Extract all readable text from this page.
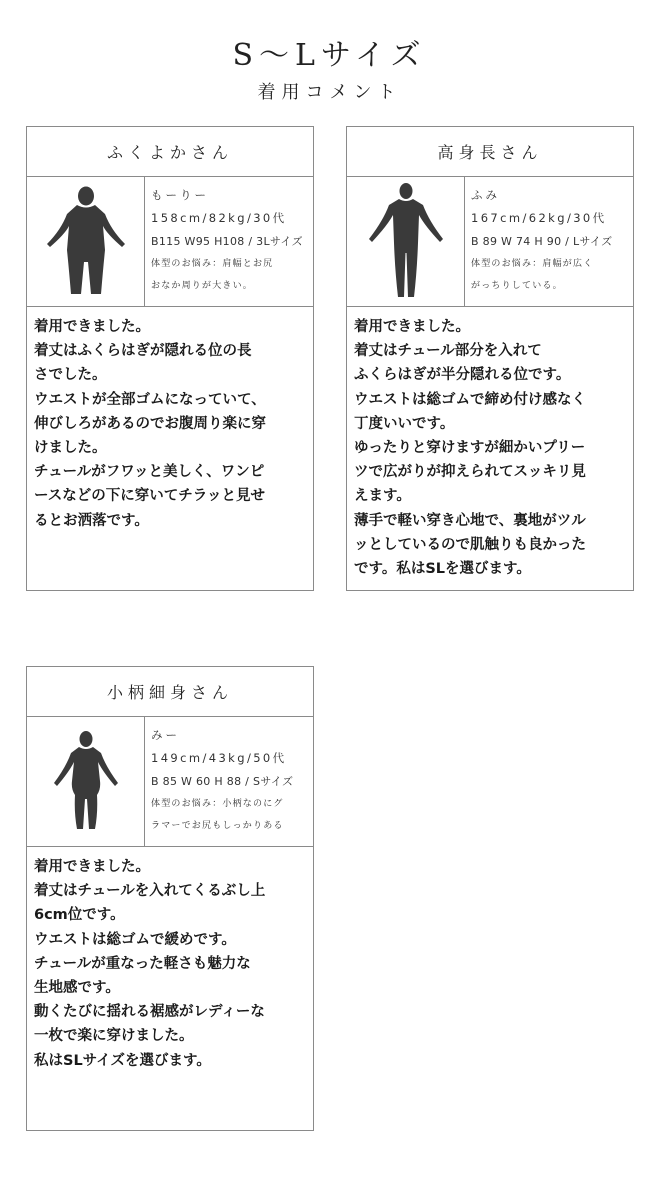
S～Lサイズ
着用コメント
ふくよかさん
もーりー
158cm/82kg/30代
B115 W95 H108 / 3Lサイズ
体型のお悩み：肩幅とお尻
おなか周りが大きい。
着用できました。
着丈はふくらはぎが隠れる位の長
さでした。
ウエストが全部ゴムになっていて、
伸びしろがあるのでお腹周り楽に穿
けました。
チュールがフワッと美しく、ワンピ
ースなどの下に穿いてチラッと見せ
るとお洒落です。
高身長さん
ふみ
167cm/62kg/30代
B 89 W 74 H 90 / Lサイズ
体型のお悩み：肩幅が広く
がっちりしている。
着用できました。
着丈はチュール部分を入れて
ふくらはぎが半分隠れる位です。
ウエストは総ゴムで締め付け感なく
丁度いいです。
ゆったりと穿けますが細かいプリー
ツで広がりが抑えられてスッキリ見
えます。
薄手で軽い穿き心地で、裏地がツル
ッとしているので肌触りも良かった
です。私はSLを選びます。
小柄細身さん
みー
149cm/43kg/50代
B 85 W 60 H 88 / Sサイズ
体型のお悩み：小柄なのにグ
ラマーでお尻もしっかりある
着用できました。
着丈はチュールを入れてくるぶし上
6cm位です。
ウエストは総ゴムで緩めです。
チュールが重なった軽さも魅力な
生地感です。
動くたびに揺れる裾感がレディーな
一枚で楽に穿けました。
私はSLサイズを選びます。
